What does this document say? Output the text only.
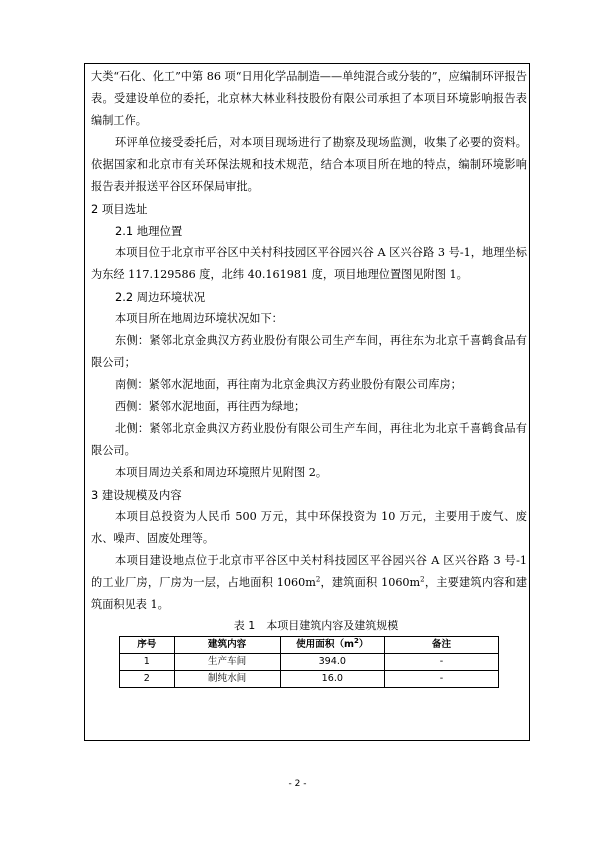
大类“石化、化工”中第 86 项“日用化学品制造——单纯混合或分装的”，应编制环评报告表。受建设单位的委托，北京林大林业科技股份有限公司承担了本项目环境影响报告表编制工作。

环评单位接受委托后，对本项目现场进行了勘察及现场监测，收集了必要的资料。依据国家和北京市有关环保法规和技术规范，结合本项目所在地的特点，编制环境影响报告表并报送平谷区环保局审批。

2 项目选址

2.1 地理位置

本项目位于北京市平谷区中关村科技园区平谷园兴谷 A 区兴谷路 3 号-1，地理坐标为东经 117.129586 度，北纬 40.161981 度，项目地理位置图见附图 1。

2.2 周边环境状况

本项目所在地周边环境状况如下：

东侧：紧邻北京金典汉方药业股份有限公司生产车间，再往东为北京千喜鹤食品有限公司；

南侧：紧邻水泥地面，再往南为北京金典汉方药业股份有限公司库房；

西侧：紧邻水泥地面，再往西为绿地；

北侧：紧邻北京金典汉方药业股份有限公司生产车间，再往北为北京千喜鹤食品有限公司。

本项目周边关系和周边环境照片见附图 2。

3 建设规模及内容

本项目总投资为人民币 500 万元，其中环保投资为 10 万元，主要用于废气、废水、噪声、固废处理等。

本项目建设地点位于北京市平谷区中关村科技园区平谷园兴谷 A 区兴谷路 3 号-1 的工业厂房，厂房为一层，占地面积 $1060m^2$，建筑面积 $1060m^2$，主要建筑内容和建筑面积见表 1。

表 1　本项目建筑内容及建筑规模

序号	建筑内容	使用面积$(m^2)$	备注
1	生产车间	394.0	-
2	制纯水间	16.0	-
- 2 -
